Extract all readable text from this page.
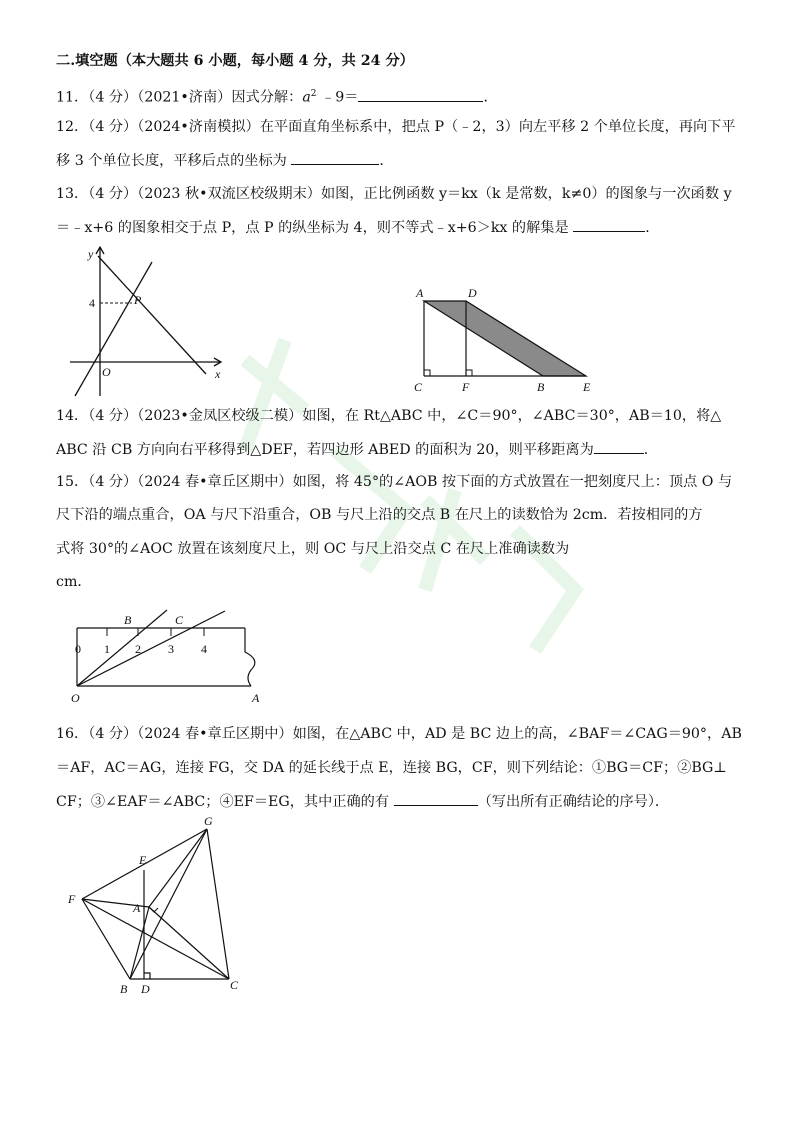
二.填空题（本大题共 6 小题，每小题 4 分，共 24 分）
11．（4 分）（2021•济南）因式分解：$a^2$ ﹣9＝	．
12．（4 分）（2024•济南模拟）在平面直角坐标系中，把点 P（﹣2，3）向左平移 2 个单位长度，再向下平
移 3 个单位长度，平移后点的坐标为	．
13．（4 分）（2023 秋•双流区校级期末）如图，正比例函数 y＝kx（k 是常数，k≠0）的图象与一次函数 y
＝﹣x+6 的图象相交于点 P，点 P 的纵坐标为 4，则不等式﹣x+6＞kx 的解集是	．
y
x
O
P
4
A	D
C	F	B	E
14．（4 分）（2023•金凤区校级二模）如图，在 Rt△ABC 中，∠C＝90°，∠ABC＝30°，AB＝10，将△
ABC 沿 CB 方向向右平移得到△DEF，若四边形 ABED 的面积为 20，则平移距离为	．
15．（4 分）（2024 春•章丘区期中）如图，将 45°的∠AOB 按下面的方式放置在一把刻度尺上：顶点 O 与
尺下沿的端点重合，OA 与尺下沿重合，OB 与尺上沿的交点 B 在尺上的读数恰为 2cm．若按相同的方
式将 30°的∠AOC 放置在该刻度尺上，则 OC 与尺上沿交点 C 在尺上准确读数为
cm．
0 1 2 3 4
B	C
O	A
16．（4 分）（2024 春•章丘区期中）如图，在△ABC 中，AD 是 BC 边上的高，∠BAF＝∠CAG＝90°，AB
＝AF，AC＝AG，连接 FG，交 DA 的延长线于点 E，连接 BG，CF，则下列结论：①BG＝CF；②BG⊥
CF；③∠EAF＝∠ABC；④EF＝EG，其中正确的有	（写出所有正确结论的序号）．
G
E
F
A
B D	C
